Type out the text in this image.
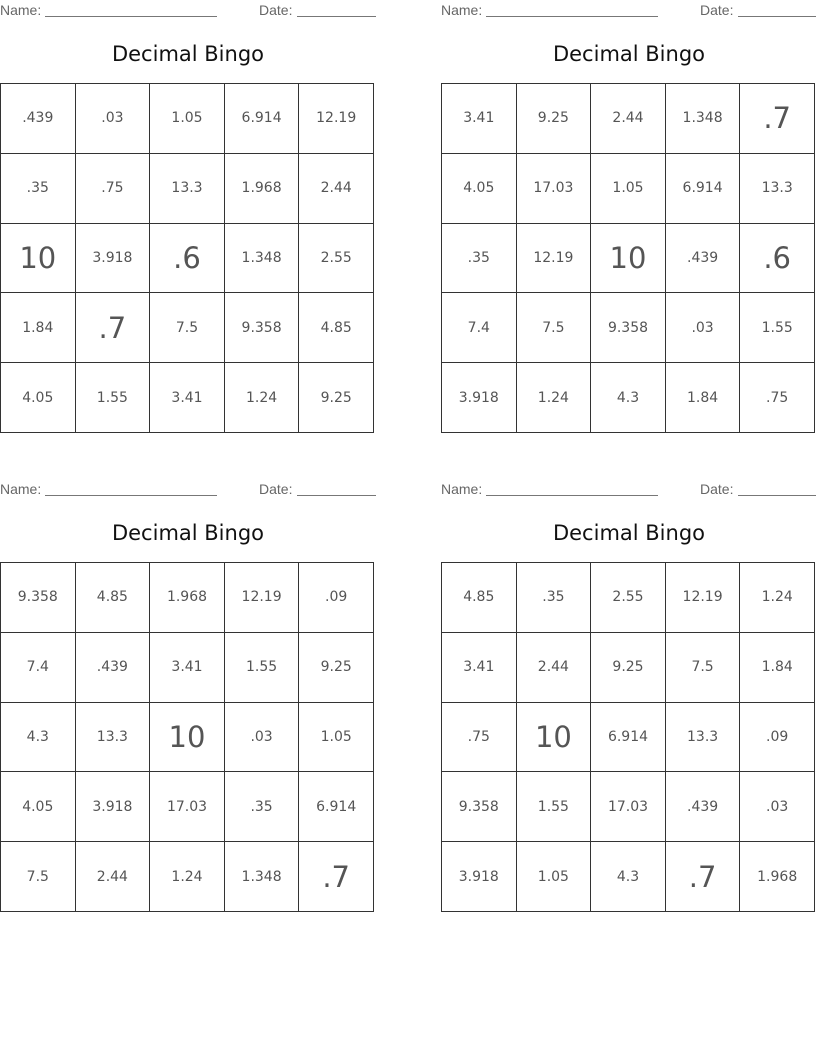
Name:	Date:
Decimal Bingo
.439	.03	1.05	6.914	12.19
.35	.75	13.3	1.968	2.44
10	3.918	.6	1.348	2.55
1.84	.7	7.5	9.358	4.85
4.05	1.55	3.41	1.24	9.25
Name:	Date:
Decimal Bingo
3.41	9.25	2.44	1.348	.7
4.05	17.03	1.05	6.914	13.3
.35	12.19	10	.439	.6
7.4	7.5	9.358	.03	1.55
3.918	1.24	4.3	1.84	.75
Name:	Date:
Decimal Bingo
9.358	4.85	1.968	12.19	.09
7.4	.439	3.41	1.55	9.25
4.3	13.3	10	.03	1.05
4.05	3.918	17.03	.35	6.914
7.5	2.44	1.24	1.348	.7
Name:	Date:
Decimal Bingo
4.85	.35	2.55	12.19	1.24
3.41	2.44	9.25	7.5	1.84
.75	10	6.914	13.3	.09
9.358	1.55	17.03	.439	.03
3.918	1.05	4.3	.7	1.968
